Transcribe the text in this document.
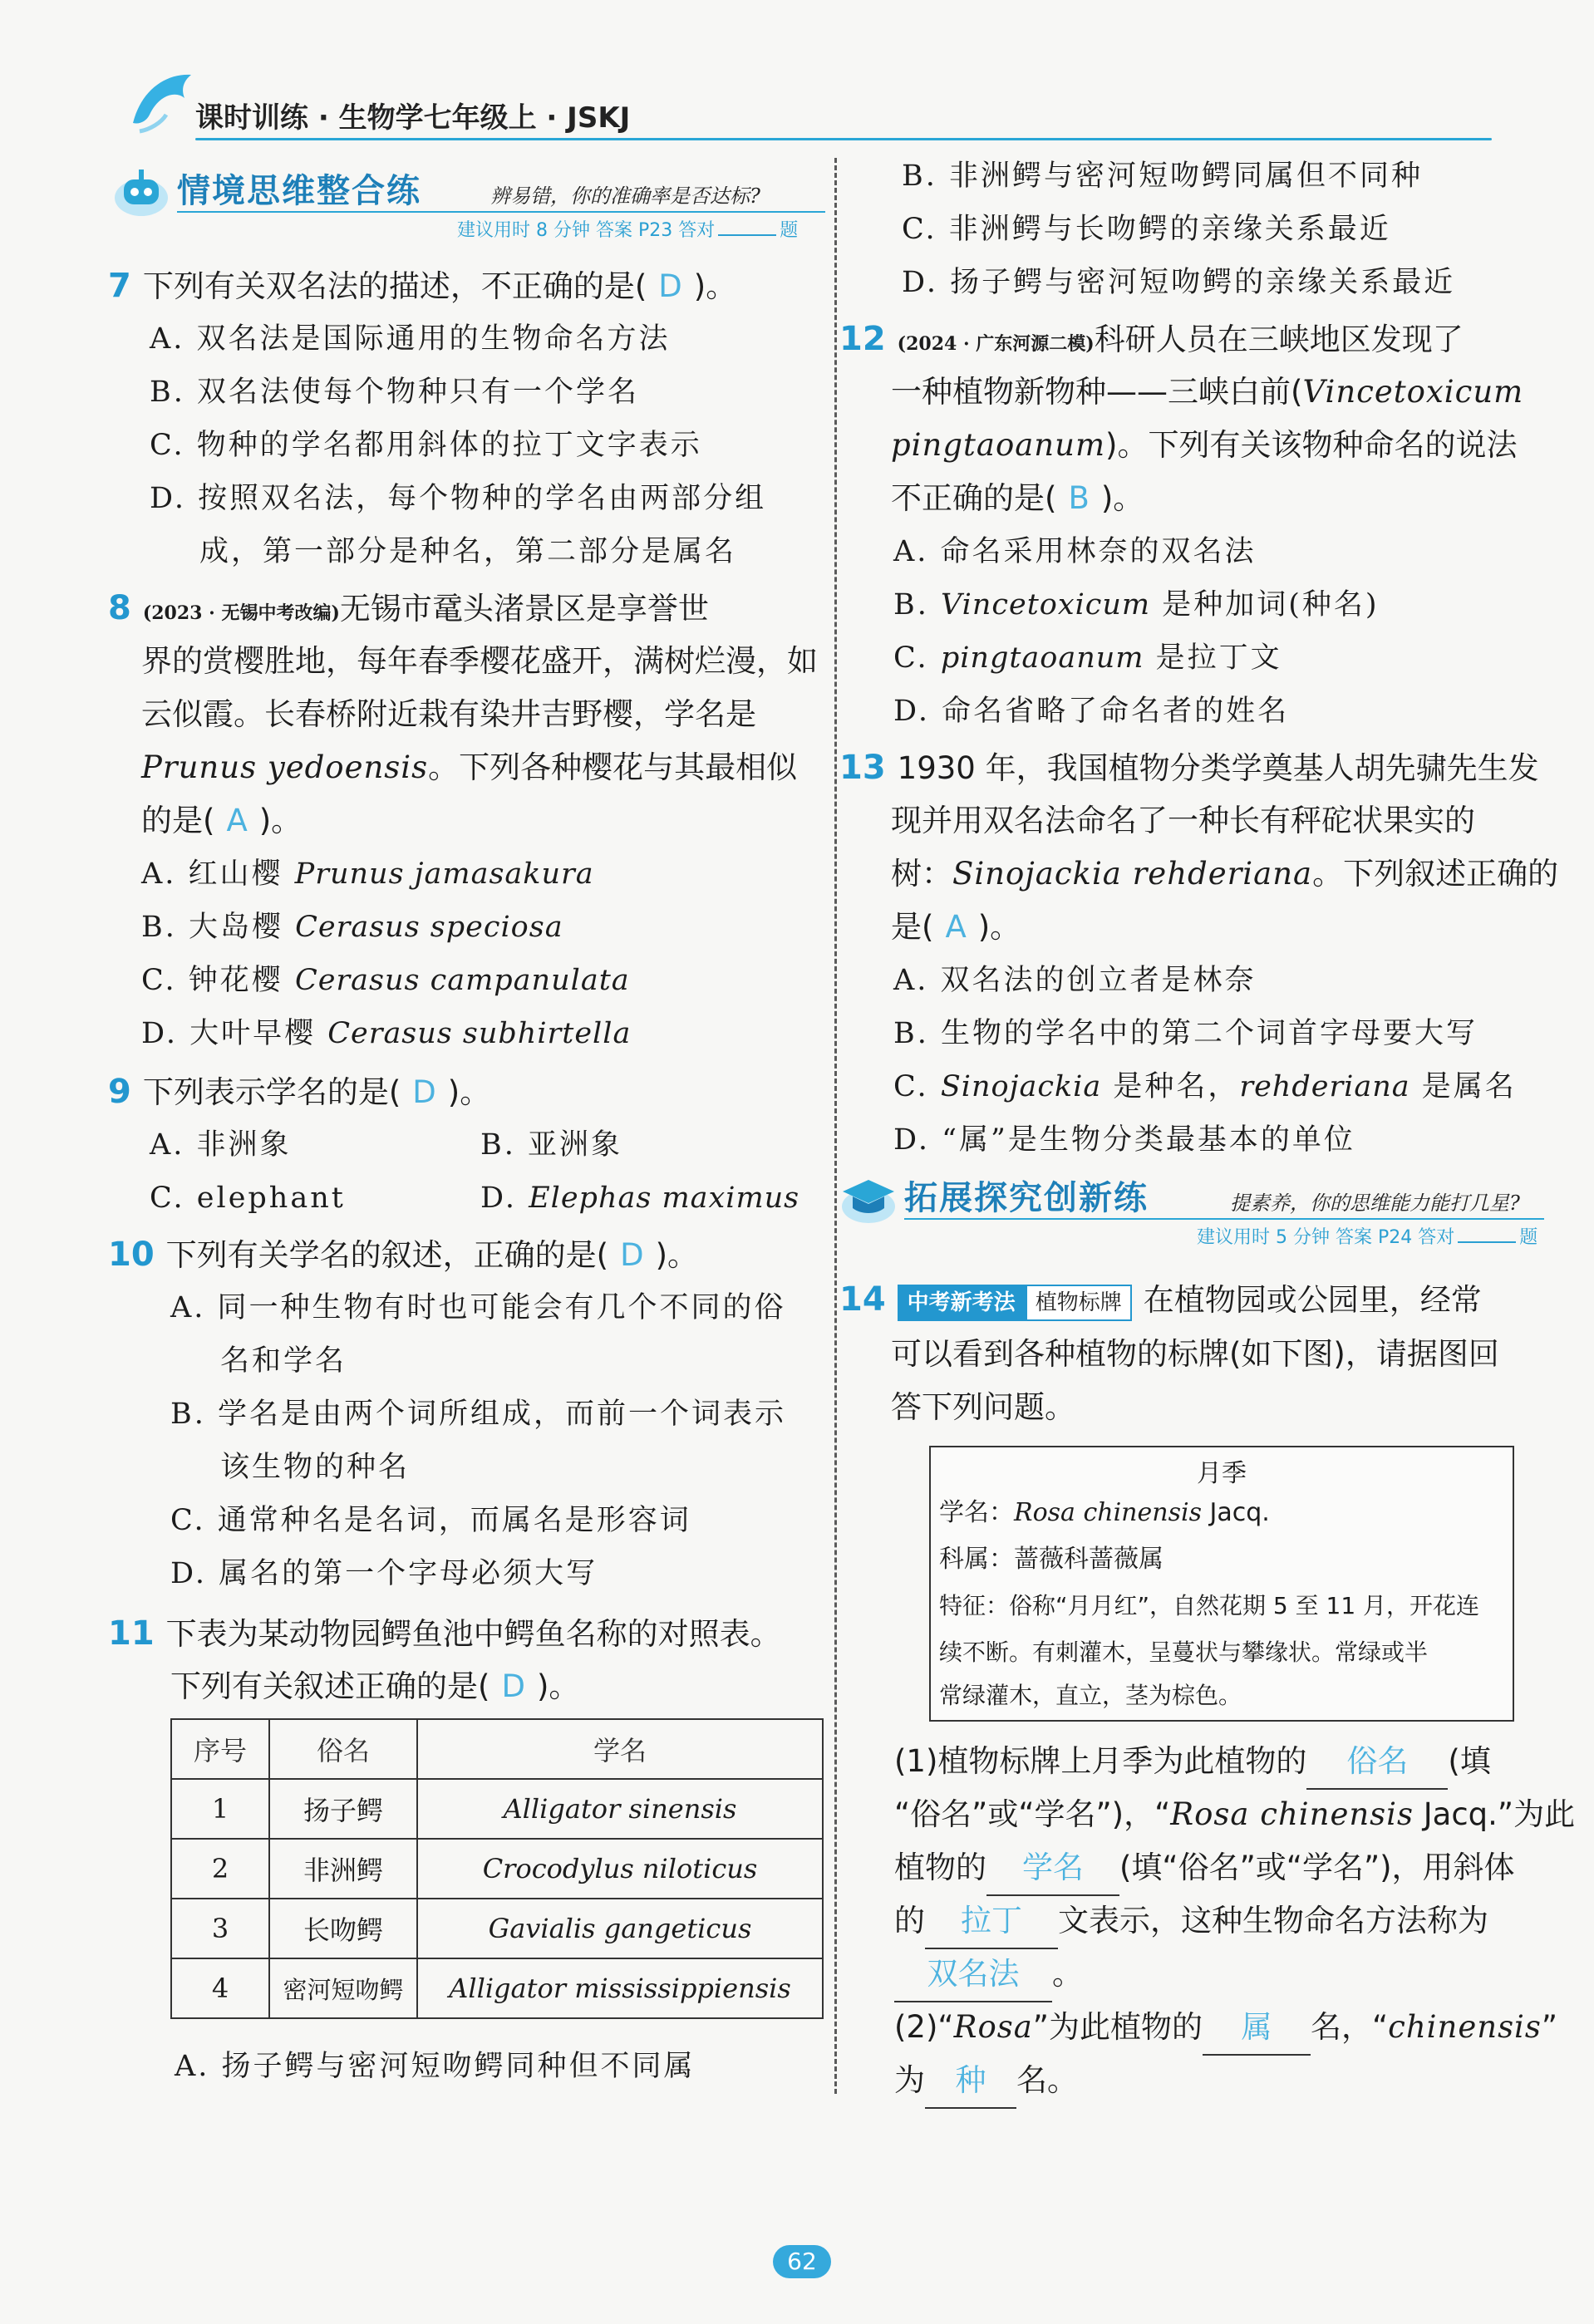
课时训练 · 生物学七年级上 · JSKJ
情境思维整合练	辨易错，你的准确率是否达标?
建议用时 8 分钟 答案 P23 答对	题
7 下列有关双名法的描述，不正确的是( D )。
A. 双名法是国际通用的生物命名方法
B. 双名法使每个物种只有一个学名
C. 物种的学名都用斜体的拉丁文字表示
D. 按照双名法，每个物种的学名由两部分组
成，第一部分是种名，第二部分是属名
8 (2023 · 无锡中考改编)无锡市鼋头渚景区是享誉世
界的赏樱胜地，每年春季樱花盛开，满树烂漫，如
云似霞。长春桥附近栽有染井吉野樱，学名是
Prunus yedoensis。下列各种樱花与其最相似
的是( A )。
A. 红山樱 Prunus jamasakura
B. 大岛樱 Cerasus speciosa
C. 钟花樱 Cerasus campanulata
D. 大叶早樱 Cerasus subhirtella
9 下列表示学名的是( D )。
A. 非洲象	B. 亚洲象
C. elephant	D. Elephas maximus
10 下列有关学名的叙述，正确的是( D )。
A. 同一种生物有时也可能会有几个不同的俗
名和学名
B. 学名是由两个词所组成，而前一个词表示
该生物的种名
C. 通常种名是名词，而属名是形容词
D. 属名的第一个字母必须大写
11 下表为某动物园鳄鱼池中鳄鱼名称的对照表。
下列有关叙述正确的是( D )。
序号	俗名	学名
1	扬子鳄	Alligator sinensis
2	非洲鳄	Crocodylus niloticus
3	长吻鳄	Gavialis gangeticus
4	密河短吻鳄	Alligator mississippiensis
A. 扬子鳄与密河短吻鳄同种但不同属
B. 非洲鳄与密河短吻鳄同属但不同种
C. 非洲鳄与长吻鳄的亲缘关系最近
D. 扬子鳄与密河短吻鳄的亲缘关系最近
12 (2024 · 广东河源二模)科研人员在三峡地区发现了
一种植物新物种——三峡白前(Vincetoxicum
pingtaoanum)。下列有关该物种命名的说法
不正确的是( B )。
A. 命名采用林奈的双名法
B. Vincetoxicum 是种加词(种名)
C. pingtaoanum 是拉丁文
D. 命名省略了命名者的姓名
13 1930 年，我国植物分类学奠基人胡先骕先生发
现并用双名法命名了一种长有秤砣状果实的
树：Sinojackia rehderiana。下列叙述正确的
是( A )。
A. 双名法的创立者是林奈
B. 生物的学名中的第二个词首字母要大写
C. Sinojackia 是种名，rehderiana 是属名
D. “属”是生物分类最基本的单位
拓展探究创新练	提素养，你的思维能力能打几星?
建议用时 5 分钟 答案 P24 答对	题
14 中考新考法 植物标牌 在植物园或公园里，经常
可以看到各种植物的标牌(如下图)，请据图回
答下列问题。
月季
学名：Rosa chinensis Jacq.
科属：蔷薇科蔷薇属
特征：俗称“月月红”，自然花期 5 至 11 月，开花连
续不断。有刺灌木，呈蔓状与攀缘状。常绿或半
常绿灌木，直立，茎为棕色。
(1)植物标牌上月季为此植物的 俗名 (填
“俗名”或“学名”)，“Rosa chinensis Jacq.”为此
植物的 学名 (填“俗名”或“学名”)，用斜体
的 拉丁 文表示，这种生物命名方法称为
双名法 。
(2)“Rosa”为此植物的 属 名，“chinensis”
为 种 名。
62
